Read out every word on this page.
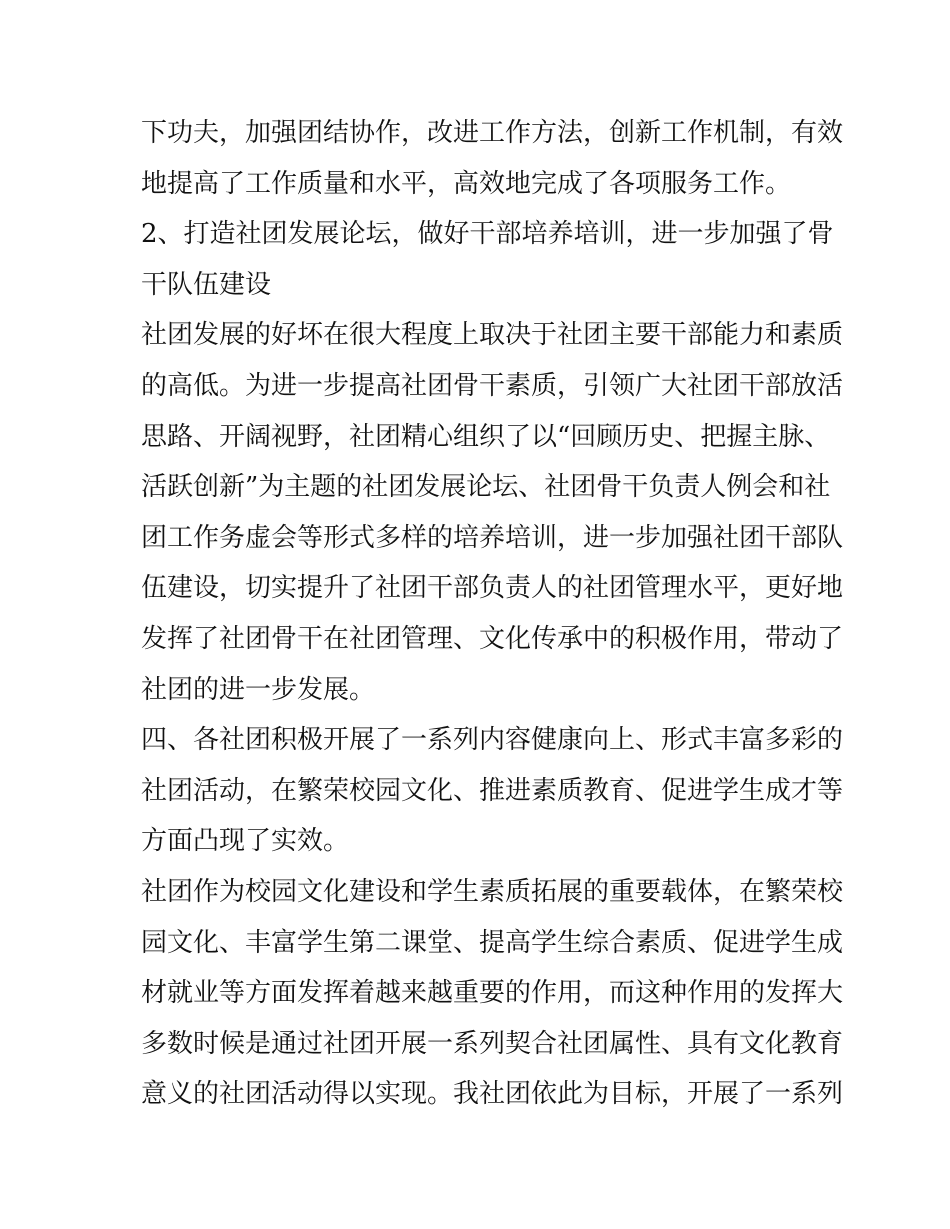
下功夫，加强团结协作，改进工作方法，创新工作机制，有效
地提高了工作质量和水平，高效地完成了各项服务工作。
2、打造社团发展论坛，做好干部培养培训，进一步加强了骨
干队伍建设
社团发展的好坏在很大程度上取决于社团主要干部能力和素质
的高低。为进一步提高社团骨干素质，引领广大社团干部放活
思路、开阔视野，社团精心组织了以“回顾历史、把握主脉、
活跃创新”为主题的社团发展论坛、社团骨干负责人例会和社
团工作务虚会等形式多样的培养培训，进一步加强社团干部队
伍建设，切实提升了社团干部负责人的社团管理水平，更好地
发挥了社团骨干在社团管理、文化传承中的积极作用，带动了
社团的进一步发展。
四、各社团积极开展了一系列内容健康向上、形式丰富多彩的
社团活动，在繁荣校园文化、推进素质教育、促进学生成才等
方面凸现了实效。
社团作为校园文化建设和学生素质拓展的重要载体，在繁荣校
园文化、丰富学生第二课堂、提高学生综合素质、促进学生成
材就业等方面发挥着越来越重要的作用，而这种作用的发挥大
多数时候是通过社团开展一系列契合社团属性、具有文化教育
意义的社团活动得以实现。我社团依此为目标，开展了一系列
